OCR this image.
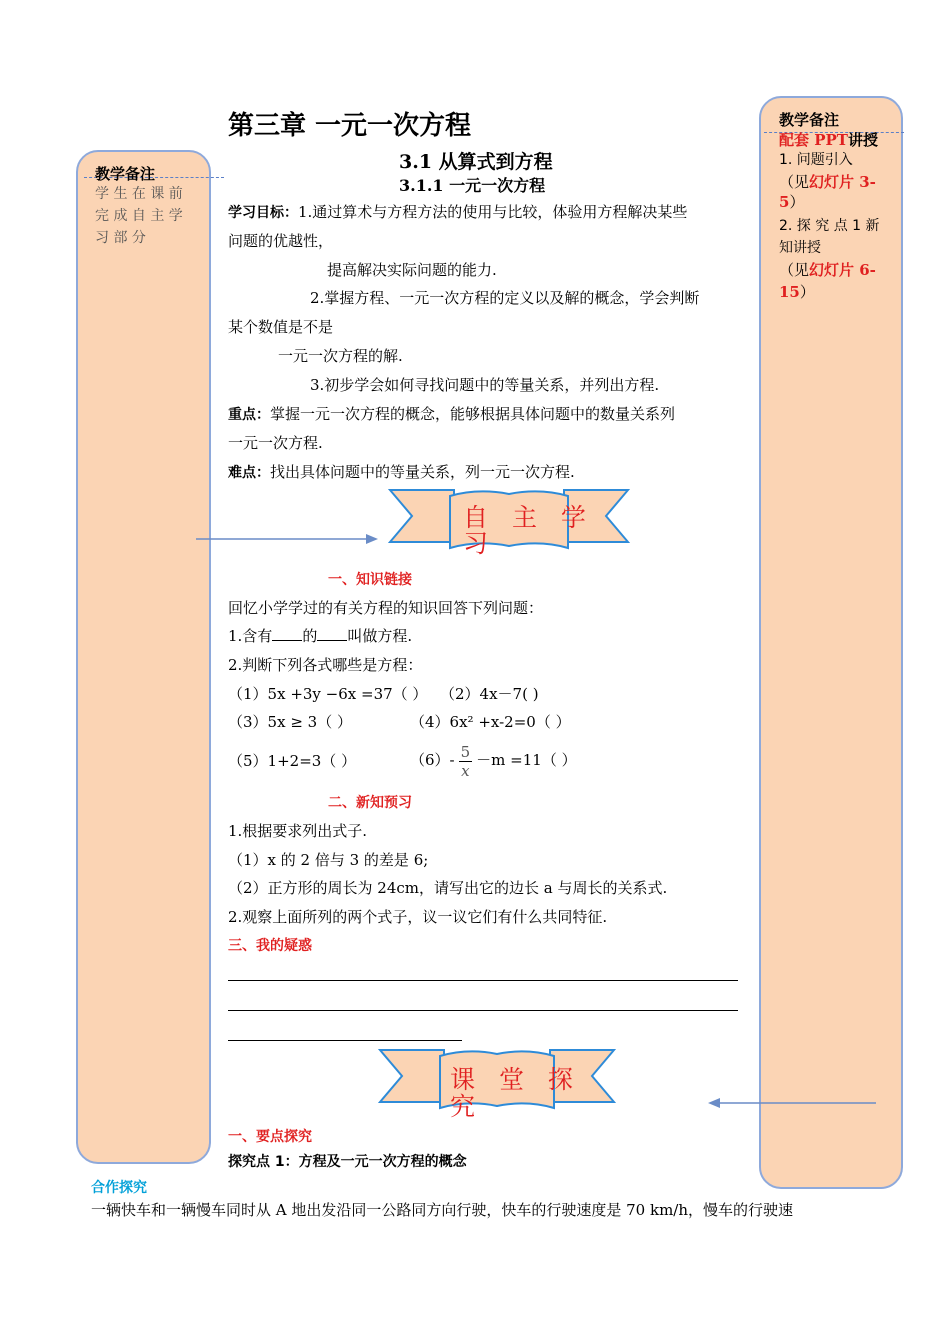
教学备注
学 生 在 课 前
完 成 自 主 学
习 部 分
教学备注
配套 PPT讲授
1. 问题引入
（见幻灯片 3-
5）
2. 探 究 点 1 新
知讲授
（见幻灯片 6-
15）
第三章 一元一次方程
3.1 从算式到方程
3.1.1 一元一次方程
学习目标：1.通过算术与方程方法的使用与比较，体验用方程解决某些
问题的优越性，
提高解决实际问题的能力.
2.掌握方程、一元一次方程的定义以及解的概念，学会判断
某个数值是不是
一元一次方程的解.
3.初步学会如何寻找问题中的等量关系，并列出方程.
重点：掌握一元一次方程的概念，能够根据具体问题中的数量关系列
一元一次方程.
难点：找出具体问题中的等量关系，列一元一次方程.
自 主 学
习
一、知识链接
回忆小学学过的有关方程的知识回答下列问题：
1.含有 的 叫做方程.
2.判断下列各式哪些是方程：
（1）5x +3y −6x =37（ ） （2）4x－7( )
（3）5x ≥ 3（ ）	（4）6x² +x-2=0（ ）
（5）1+2=3（ ）	$(6)- \frac{5}{x} -m =11$（ ）
二、新知预习
1.根据要求列出式子.
（1）x 的 2 倍与 3 的差是 6;
（2）正方形的周长为 24cm，请写出它的边长 a 与周长的关系式.
2.观察上面所列的两个式子，议一议它们有什么共同特征.
三、我的疑惑
课 堂 探
究
一、要点探究
探究点 1：方程及一元一次方程的概念
合作探究
一辆快车和一辆慢车同时从 A 地出发沿同一公路同方向行驶，快车的行驶速度是 70 km/h，慢车的行驶速
